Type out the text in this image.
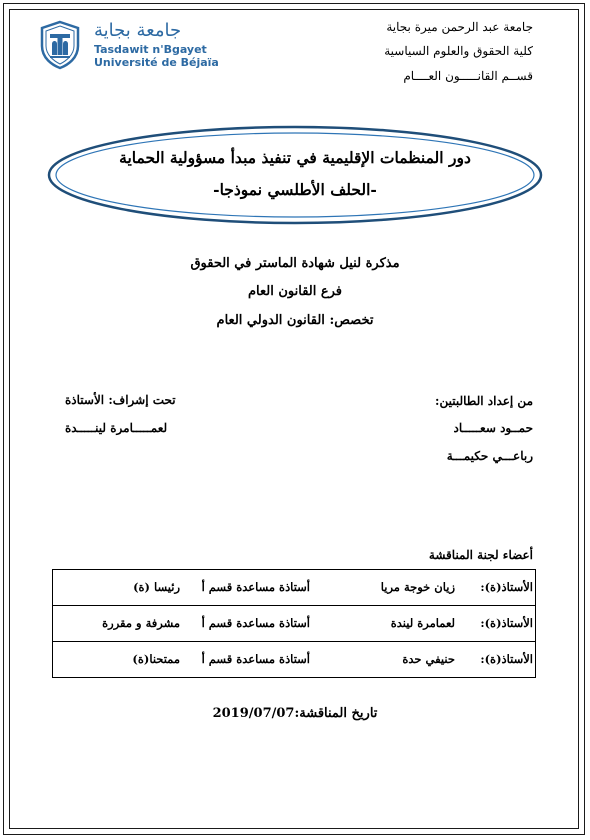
جامعة بجاية
Tasdawit n'Bgayet
Université de Béjaïa
جامعة عبد الرحمن ميرة بجاية
كلية الحقوق والعلوم السياسية
قســم القانـــــون العــــام
دور المنظمات الإقليمية في تنفيذ مبدأ مسؤولية الحماية
-الحلف الأطلسي نموذجا-
مذكرة لنيل شهادة الماستر في الحقوق
فرع القانون العام
تخصص: القانون الدولي العام
من إعداد الطالبتين:
حمــود سعـــــاد
رباعـــي حكيمـــة
تحت إشراف: الأستاذة
لعمـــــامرة لينـــــدة
أعضاء لجنة المناقشة
الأستاذ(ة):
زيان خوجة مريا
أستاذة مساعدة قسم أ
رئيسا (ة)

الأستاذ(ة):
لعمامرة لیندة
أستاذة مساعدة قسم أ
مشرفة و مقررة

الأستاذ(ة):
حنيفي حدة
أستاذة مساعدة قسم أ
ممتحنا(ة)
تاريخ المناقشة:2019/07/07
